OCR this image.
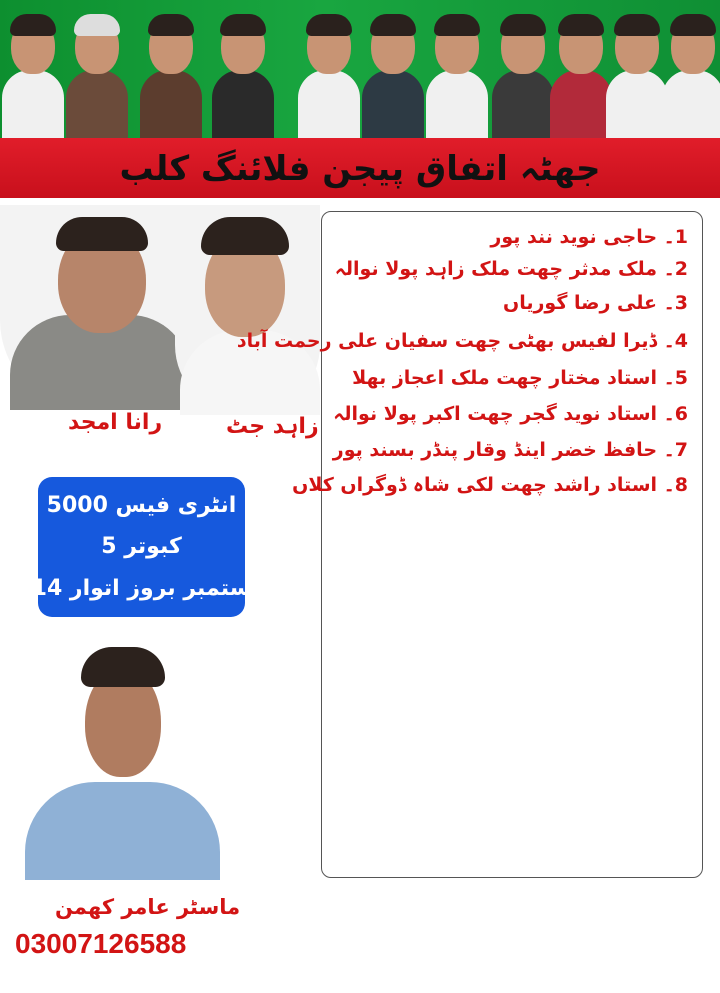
جھٹہ اتفاق پیجن فلائنگ کلب
رانا امجد	زاہد جٹ
انٹری فیس 5000
کبوتر 5
14 ستمبر بروز اتوار
ماسٹر عامر کھمن
03007126588
1۔ حاجی نوید نند پور
2۔ ملک مدثر چھت ملک زاہد پولا نوالہ
3۔ علی رضا گوریاں
4۔ ڈیرا لفیس بھٹی چھت سفیان علی رحمت آباد
5۔ استاد مختار چھت ملک اعجاز بھلا
6۔ استاد نوید گجر چھت اکبر پولا نوالہ
7۔ حافظ خضر اینڈ وقار پنڈر بسند پور
8۔ استاد راشد چھت لکی شاہ ڈوگراں کلاں
